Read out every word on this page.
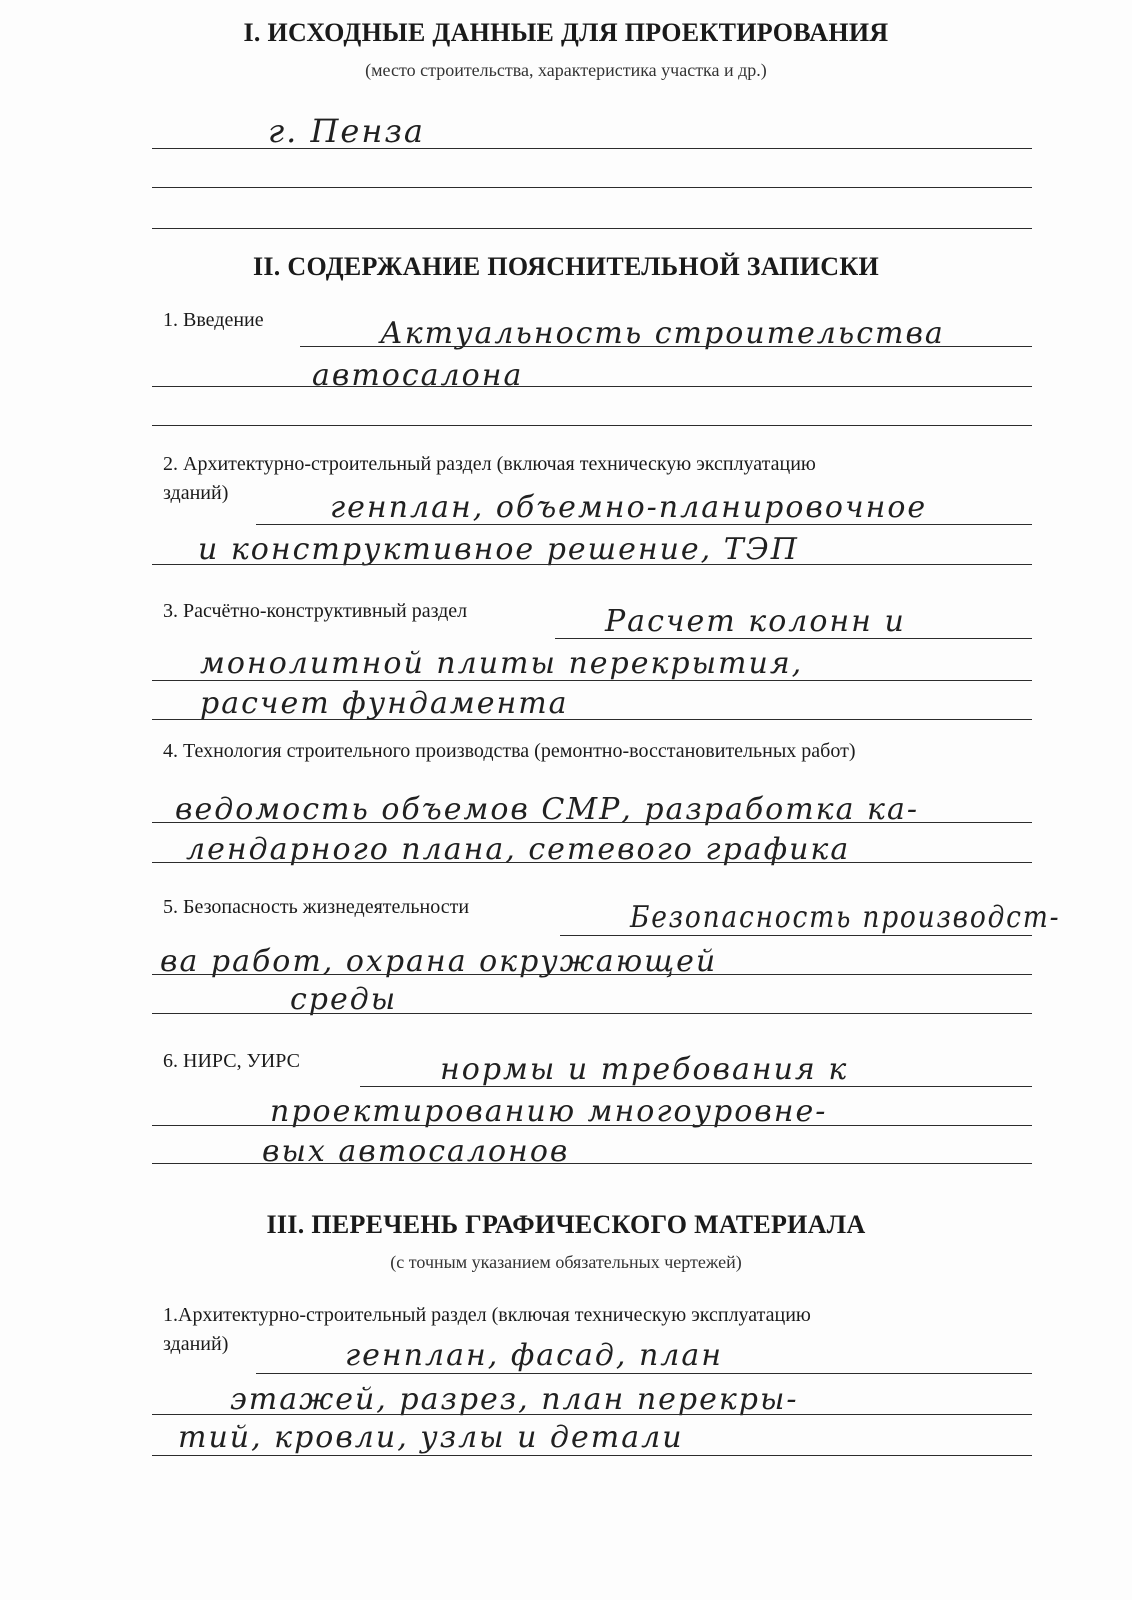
I. ИСХОДНЫЕ ДАННЫЕ ДЛЯ ПРОЕКТИРОВАНИЯ
(место строительства, характеристика участка и др.)
г. Пенза
II. СОДЕРЖАНИЕ ПОЯСНИТЕЛЬНОЙ ЗАПИСКИ
1. Введение	Актуальность строительства
автосалона
2. Архитектурно-строительный раздел (включая техническую эксплуатацию
зданий)	генплан, объемно-планировочное
и конструктивное решение, ТЭП
3. Расчётно-конструктивный раздел	Расчет колонн и
монолитной плиты перекрытия,
расчет фундамента
4. Технология строительного производства (ремонтно-восстановительных работ)
ведомость объемов СМР, разработка ка-
лендарного плана, сетевого графика
5. Безопасность жизнедеятельности	Безопасность производст-
ва работ, охрана окружающей
среды
6. НИРС, УИРС	нормы и требования к
проектированию многоуровне-
вых автосалонов
III. ПЕРЕЧЕНЬ ГРАФИЧЕСКОГО МАТЕРИАЛА
(с точным указанием обязательных чертежей)
1.Архитектурно-строительный раздел (включая техническую эксплуатацию
зданий)	генплан, фасад, план
этажей, разрез, план перекры-
тий, кровли, узлы и детали
